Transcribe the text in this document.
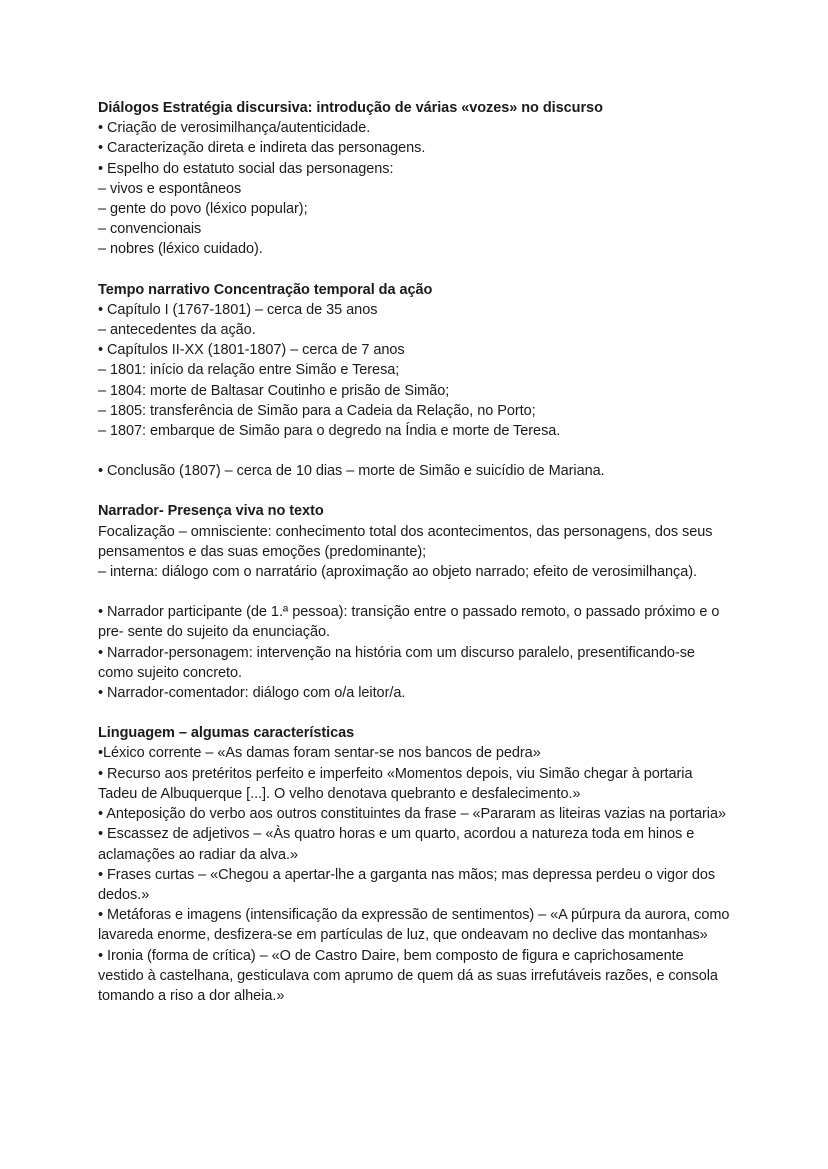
Diálogos Estratégia discursiva: introdução de várias «vozes» no discurso

• Criação de verosimilhança/autenticidade.

• Caracterização direta e indireta das personagens.

• Espelho do estatuto social das personagens:

– vivos e espontâneos

– gente do povo (léxico popular);

– convencionais

– nobres (léxico cuidado).

Tempo narrativo Concentração temporal da ação

• Capítulo I (1767-1801) – cerca de 35 anos

– antecedentes da ação.

• Capítulos II-XX (1801-1807) – cerca de 7 anos

– 1801: início da relação entre Simão e Teresa;

– 1804: morte de Baltasar Coutinho e prisão de Simão;

– 1805: transferência de Simão para a Cadeia da Relação, no Porto;

– 1807: embarque de Simão para o degredo na Índia e morte de Teresa.

• Conclusão (1807) – cerca de 10 dias – morte de Simão e suicídio de Mariana.

Narrador- Presença viva no texto

Focalização – omnisciente: conhecimento total dos acontecimentos, das personagens, dos seus pensamentos e das suas emoções (predominante);

– interna: diálogo com o narratário (aproximação ao objeto narrado; efeito de verosimilhança).

• Narrador participante (de 1.ª pessoa): transição entre o passado remoto, o passado próximo e o pre- sente do sujeito da enunciação.

• Narrador-personagem: intervenção na história com um discurso paralelo, presentificando-se como sujeito concreto.

• Narrador-comentador: diálogo com o/a leitor/a.

Linguagem – algumas características

•Léxico corrente – «As damas foram sentar-se nos bancos de pedra»

• Recurso aos pretéritos perfeito e imperfeito «Momentos depois, viu Simão chegar à portaria Tadeu de Albuquerque [...]. O velho denotava quebranto e desfalecimento.»

• Anteposição do verbo aos outros constituintes da frase – «Pararam as liteiras vazias na portaria»

• Escassez de adjetivos – «Às quatro horas e um quarto, acordou a natureza toda em hinos e aclamações ao radiar da alva.»

• Frases curtas – «Chegou a apertar-lhe a garganta nas mãos; mas depressa perdeu o vigor dos dedos.»

• Metáforas e imagens (intensificação da expressão de sentimentos) – «A púrpura da aurora, como lavareda enorme, desfizera-se em partículas de luz, que ondeavam no declive das montanhas»

• Ironia (forma de crítica) – «O de Castro Daire, bem composto de figura e caprichosamente vestido à castelhana, gesticulava com aprumo de quem dá as suas irrefutáveis razões, e consola tomando a riso a dor alheia.»
